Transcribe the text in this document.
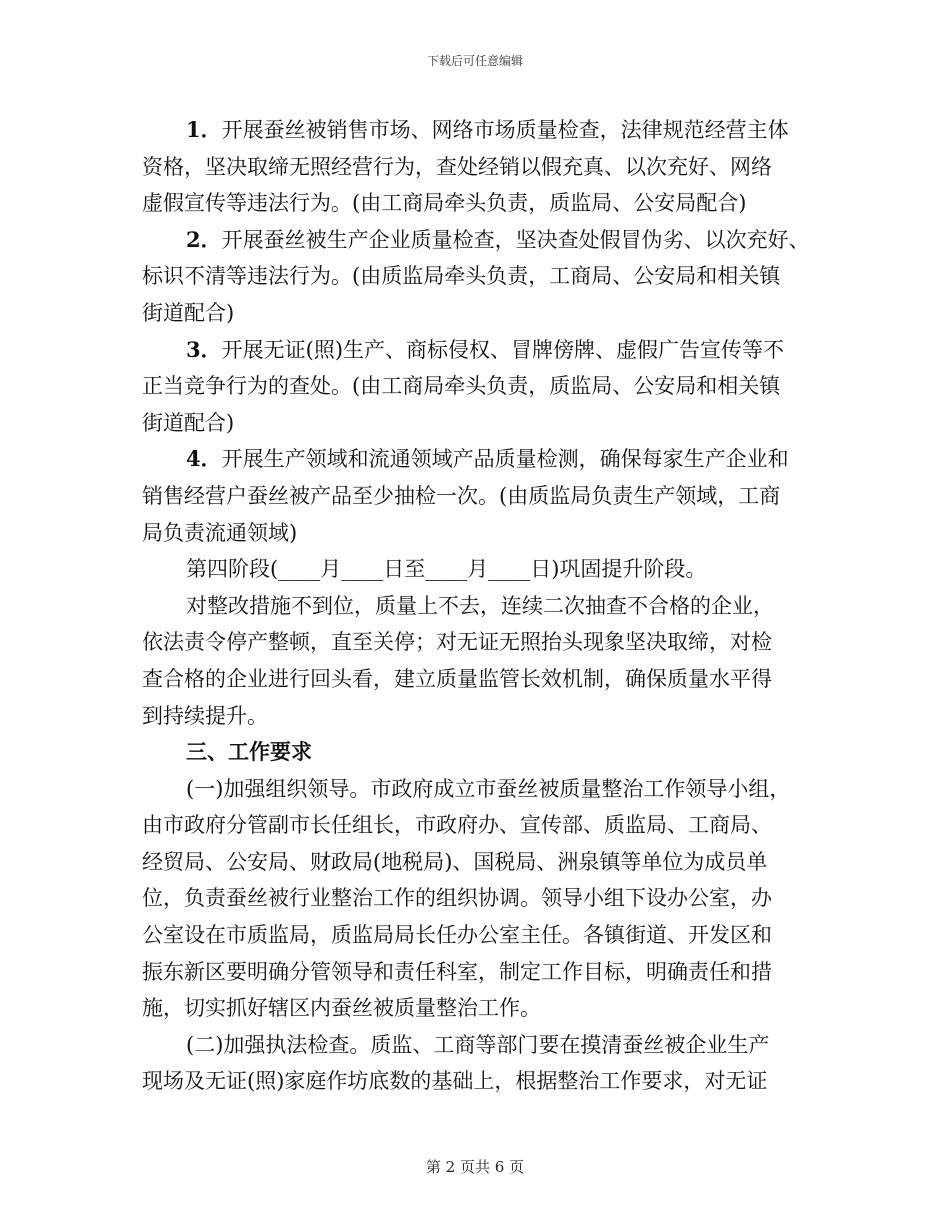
下载后可任意编辑
1．开展蚕丝被销售市场、网络市场质量检查，法律规范经营主体
资格，坚决取缔无照经营行为，查处经销以假充真、以次充好、网络
虚假宣传等违法行为。(由工商局牵头负责，质监局、公安局配合)
2．开展蚕丝被生产企业质量检查，坚决查处假冒伪劣、以次充好、
标识不清等违法行为。(由质监局牵头负责，工商局、公安局和相关镇
街道配合)
3．开展无证(照)生产、商标侵权、冒牌傍牌、虚假广告宣传等不
正当竞争行为的查处。(由工商局牵头负责，质监局、公安局和相关镇
街道配合)
4．开展生产领域和流通领域产品质量检测，确保每家生产企业和
销售经营户蚕丝被产品至少抽检一次。(由质监局负责生产领域，工商
局负责流通领域)
第四阶段(____月____日至____月____日)巩固提升阶段。
对整改措施不到位，质量上不去，连续二次抽查不合格的企业，
依法责令停产整顿，直至关停；对无证无照抬头现象坚决取缔，对检
查合格的企业进行回头看，建立质量监管长效机制，确保质量水平得
到持续提升。
三、工作要求
(一)加强组织领导。市政府成立市蚕丝被质量整治工作领导小组，
由市政府分管副市长任组长，市政府办、宣传部、质监局、工商局、
经贸局、公安局、财政局(地税局)、国税局、洲泉镇等单位为成员单
位，负责蚕丝被行业整治工作的组织协调。领导小组下设办公室，办
公室设在市质监局，质监局局长任办公室主任。各镇街道、开发区和
振东新区要明确分管领导和责任科室，制定工作目标，明确责任和措
施，切实抓好辖区内蚕丝被质量整治工作。
(二)加强执法检查。质监、工商等部门要在摸清蚕丝被企业生产
现场及无证(照)家庭作坊底数的基础上，根据整治工作要求，对无证
第 2 页共 6 页
